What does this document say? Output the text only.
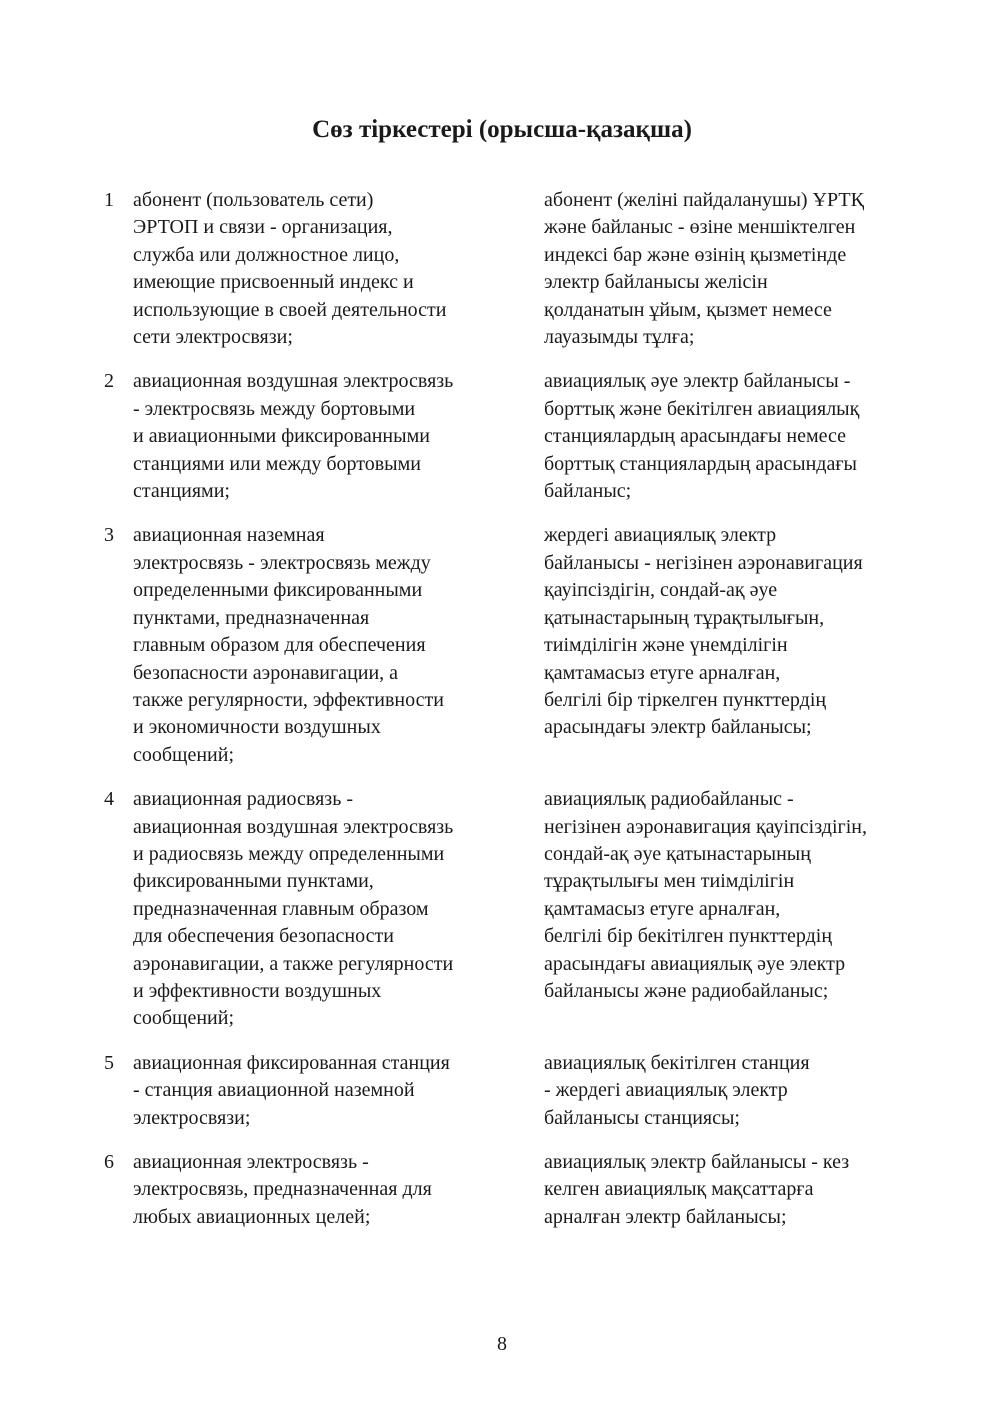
Сөз тіркестері (орысша-қазақша)
1 абонент (пользователь сети)
ЭРТОП и связи - организация,
служба или должностное лицо,
имеющие присвоенный индекс и
использующие в своей деятельности
сети электросвязи;
абонент (желіні пайдаланушы) ҰРТҚ
және байланыс - өзіне меншіктелген
индексі бар және өзінің қызметінде
электр байланысы желісін
қолданатын ұйым, қызмет немесе
лауазымды тұлға;
2 авиационная воздушная электросвязь
- электросвязь между бортовыми
и авиационными фиксированными
станциями или между бортовыми
станциями;
авиациялық әуе электр байланысы -
борттық және бекітілген авиациялық
станциялардың арасындағы немесе
борттық станциялардың арасындағы
байланыс;
3 авиационная наземная
электросвязь - электросвязь между
определенными фиксированными
пунктами, предназначенная
главным образом для обеспечения
безопасности аэронавигации, а
также регулярности, эффективности
и экономичности воздушных
сообщений;
жердегі авиациялық электр
байланысы - негізінен аэронавигация
қауіпсіздігін, сондай-ақ әуе
қатынастарының тұрақтылығын,
тиімділігін және үнемділігін
қамтамасыз етуге арналған,
белгілі бір тіркелген пункттердің
арасындағы электр байланысы;
4 авиационная радиосвязь -
авиационная воздушная электросвязь
и радиосвязь между определенными
фиксированными пунктами,
предназначенная главным образом
для обеспечения безопасности
аэронавигации, а также регулярности
и эффективности воздушных
сообщений;
авиациялық радиобайланыс -
негізінен аэронавигация қауіпсіздігін,
сондай-ақ әуе қатынастарының
тұрақтылығы мен тиімділігін
қамтамасыз етуге арналған,
белгілі бір бекітілген пункттердің
арасындағы авиациялық әуе электр
байланысы және радиобайланыс;
5 авиационная фиксированная станция
- станция авиационной наземной
электросвязи;
авиациялық бекітілген станция
- жердегі авиациялық электр
байланысы станциясы;
6 авиационная электросвязь -
электросвязь, предназначенная для
любых авиационных целей;
авиациялық электр байланысы - кез
келген авиациялық мақсаттарға
арналған электр байланысы;
8
